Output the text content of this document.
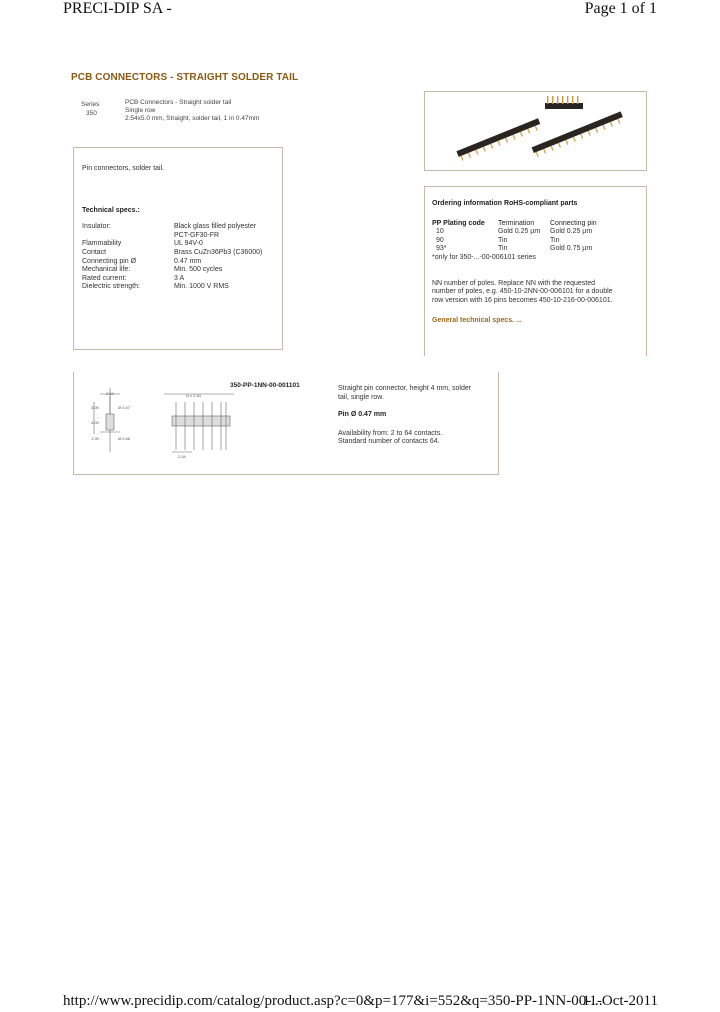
PRECI-DIP SA -	Page 1 of 1
PCB CONNECTORS - STRAIGHT SOLDER TAIL
Series
350
PCB Connectors - Straight solder tail
Single row
2.54x5.0 mm, Straight, solder tail, 1 in 0.47mm
Pin connectors, solder tail.
Technical specs.:
Insulator:	Black glass filled polyester
PCT-GF30-FR
Flammability	UL 94V-0
Contact	Brass CuZn36Pb3 (C36000)
Connecting pin Ø	0.47 mm
Mechanical life:	Min. 500 cycles
Rated current:	3 A
Dielectric strength:	Min. 1000 V RMS
Ordering information RoHS-compliant parts
PP Plating code	Termination	Connecting pin
10	Gold 0.25 µm	Gold 0.25 µm
90	Tin	Tin
93*	Tin	Gold 0.75 µm
*only for 350-...-00-006101 series
NN number of poles. Replace NN with the requested
number of poles, e.g. 450-10-2NN-00-006101 for a double
row version with 16 pins becomes 450-10-216-00-006101.
General technical specs. ...
2.54
Ø 0.47
3.05
4.00
1.90	Ø 0.66
N x 2.54
2.54
350-PP-1NN-00-001101	Straight pin connector, height 4 mm, solder
tail, single row.
Pin Ø 0.47 mm
Availability from: 2 to 64 contacts.
Standard number of contacts 64.
http://www.precidip.com/catalog/product.asp?c=0&p=177&i=552&q=350-PP-1NN-00-...
11-Oct-2011
